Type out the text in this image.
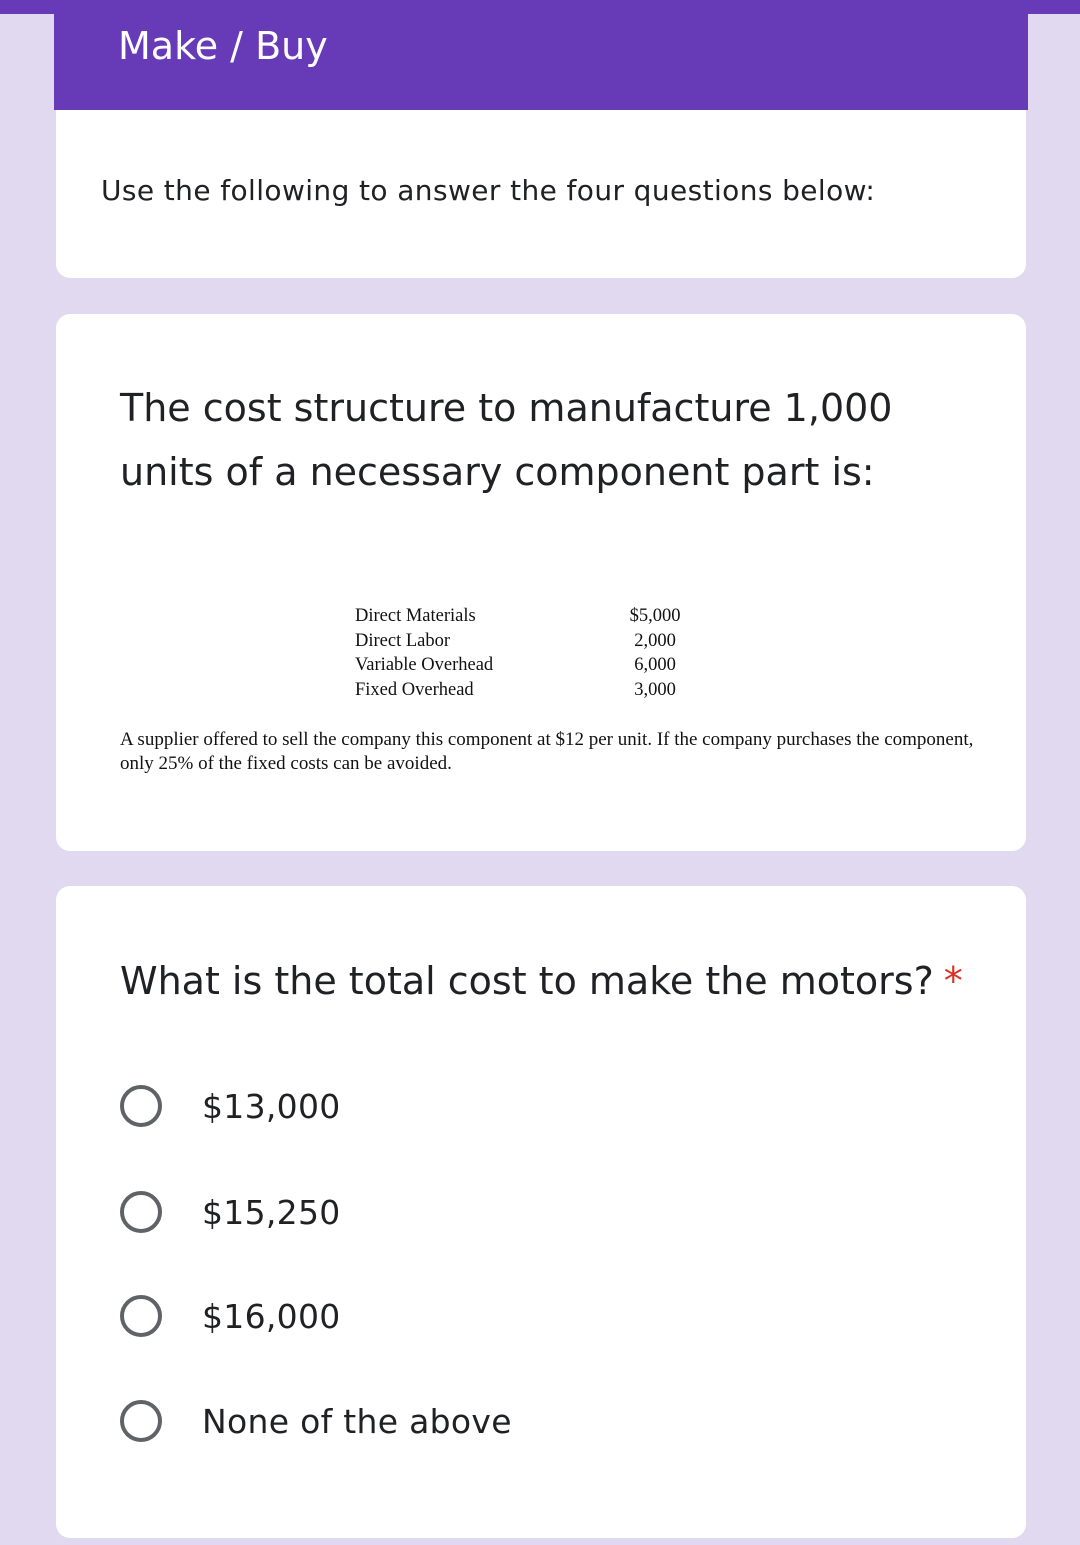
Make / Buy
Use the following to answer the four questions below:
The cost structure to manufacture 1,000 units of a necessary component part is:
Direct Materials	$5,000
Direct Labor	2,000
Variable Overhead	6,000
Fixed Overhead	3,000
A supplier offered to sell the company this component at $12 per unit. If the company purchases the component, only 25% of the fixed costs can be avoided.
What is the total cost to make the motors? *
$13,000
$15,250
$16,000
None of the above
